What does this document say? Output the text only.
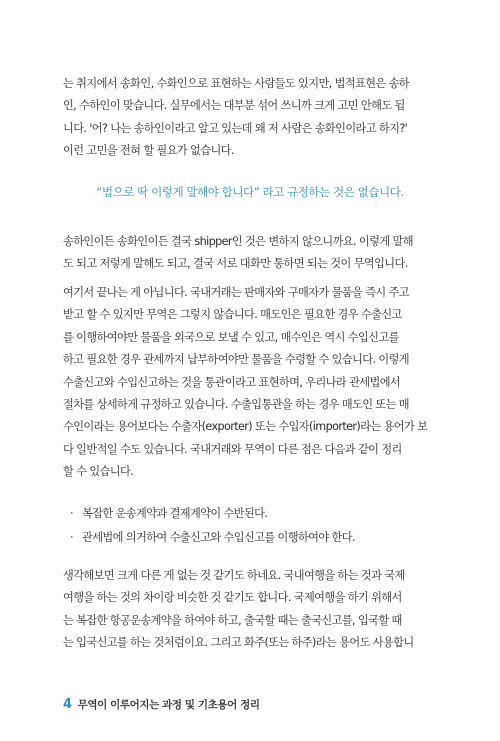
는 취지에서 송화인, 수화인으로 표현하는 사람들도 있지만, 법적표현은 송하
인, 수하인이 맞습니다. 실무에서는 대부분 섞어 쓰니까 크게 고민 안해도 됩
니다. '어? 나는 송하인이라고 알고 있는데 왜 저 사람은 송화인이라고 하지?'
이런 고민을 전혀 할 필요가 없습니다.

“법으로 딱 이렇게 말해야 합니다” 라고 규정하는 것은 없습니다.

송하인이든 송화인이든 결국 shipper인 것은 변하지 않으니까요. 이렇게 말해
도 되고 저렇게 말해도 되고, 결국 서로 대화만 통하면 되는 것이 무역입니다.
여기서 끝나는 게 아닙니다. 국내거래는 판매자와 구매자가 물품을 즉시 주고
받고 할 수 있지만 무역은 그렇지 않습니다. 매도인은 필요한 경우 수출신고
를 이행하여야만 물품을 외국으로 보낼 수 있고, 매수인은 역시 수입신고를
하고 필요한 경우 관세까지 납부하여야만 물품을 수령할 수 있습니다. 이렇게
수출신고와 수입신고하는 것을 통관이라고 표현하며, 우리나라 관세법에서
절차를 상세하게 규정하고 있습니다. 수출입통관을 하는 경우 매도인 또는 매
수인이라는 용어보다는 수출자(exporter) 또는 수입자(importer)라는 용어가 보
다 일반적일 수도 있습니다. 국내거래와 무역이 다른 점은 다음과 같이 정리
할 수 있습니다.
· 복잡한 운송계약과 결제계약이 수반된다.
· 관세법에 의거하여 수출신고와 수입신고를 이행하여야 한다.
생각해보면 크게 다른 게 없는 것 같기도 하네요. 국내여행을 하는 것과 국제
여행을 하는 것의 차이랑 비슷한 것 같기도 합니다. 국제여행을 하기 위해서
는 복잡한 항공운송계약을 하여야 하고, 출국할 때는 출국신고를, 입국할 때
는 입국신고를 하는 것처럼이요. 그리고 화주(또는 하주)라는 용어도 사용합니
4 무역이 이루어지는 과정 및 기초용어 정리
